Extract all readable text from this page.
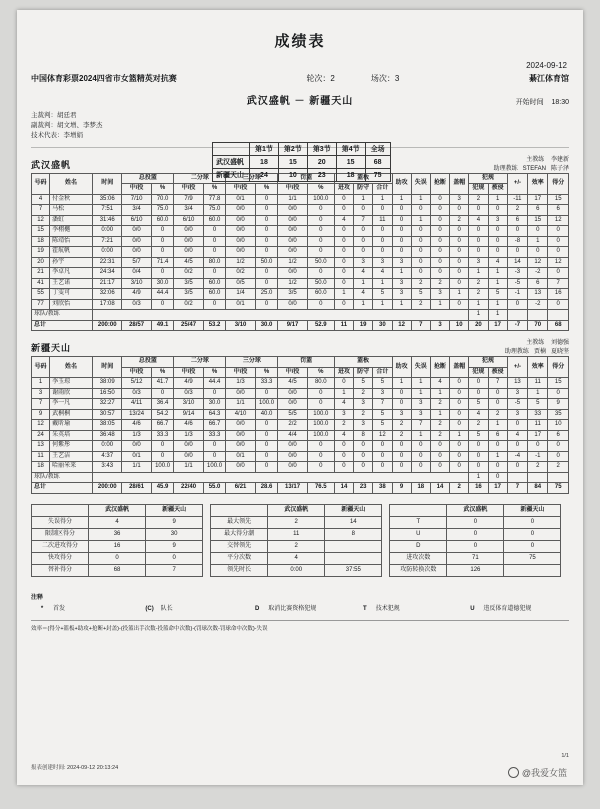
成绩表
2024-09-12
中国体育彩票2024四省市女篮精英对抗赛	轮次：2	场次：3	綦江体育馆
武汉盛帆 － 新疆天山	开始时间 18:30
主裁判：胡廷君
副裁判：胡文增、李梦杰
技术代表：李增娟
	第1节	第2节	第3节	第4节	全场
武汉盛帆	18	15	20	15	68
新疆天山	24	10	23	18	75
武汉盛帆	主教练 李建新
助理教练 STEFAN 陈子泽
号码	姓名	时间	总投篮		二分球		三分球		罚篮		篮板			助攻	失误	抢断	盖帽	犯规		+/-	效率	得分
			中/投	%	中/投	%	中/投	%	中/投	%	进攻	防守	合计					犯规	被侵			
4	付金秋	35:06	7/10	70.0	7/9	77.8	0/1	0	1/1	100.0	0	1	1	1	1	0	3	2	1	-11	17	15
7	马松	7:51	3/4	75.0	3/4	75.0	0/0	0	0/0	0	0	0	0	0	0	0	0	0	0	2	6	6
12	潘虹	31:46	6/10	60.0	6/10	60.0	0/0	0	0/0	0	4	7	11	0	1	0	2	4	3	6	15	12
15	李栩樾	0:00	0/0	0	0/0	0	0/0	0	0/0	0	0	0	0	0	0	0	0	0	0	0	0	0
18	陈靖怡	7:21	0/0	0	0/0	0	0/0	0	0/0	0	0	0	0	0	0	0	0	0	0	-8	1	0
19	霍航帆	0:00	0/0	0	0/0	0	0/0	0	0/0	0	0	0	0	0	0	0	0	0	0	0	0	0
20	孙宇	22:31	5/7	71.4	4/5	80.0	1/2	50.0	1/2	50.0	0	3	3	3	0	0	0	3	4	14	12	12
21	李卓凡	24:34	0/4	0	0/2	0	0/2	0	0/0	0	0	4	4	1	0	0	0	1	1	-3	-2	0
41	王艺诺	21:17	3/10	30.0	3/5	60.0	0/5	0	1/2	50.0	0	1	1	3	2	2	0	2	1	-5	6	7
55	丁雯可	32:06	4/9	44.4	3/5	60.0	1/4	25.0	3/5	60.0	1	4	5	3	5	3	1	2	5	-1	13	16
77	刘欣怡	17:08	0/3	0	0/2	0	0/1	0	0/0	0	0	1	1	1	2	1	0	1	1	0	-2	0
球队/教练																		1	1			
总计		200:00	28/57	49.1	25/47	53.2	3/10	30.0	9/17	52.9	11	19	30	12	7	3	10	20	17	-7	70	68
新疆天山	主教练 刘德强
助理教练 贾楠 夏晓坚
号码	姓名	时间	总投篮		二分球		三分球		罚篮		篮板			助攻	失误	抢断	盖帽	犯规		+/-	效率	得分
			中/投	%	中/投	%	中/投	%	中/投	%	进攻	防守	合计					犯规	被侵			
1	李玉琼	38:09	5/12	41.7	4/9	44.4	1/3	33.3	4/5	80.0	0	5	5	1	1	4	0	0	7	13	11	15
3	谢雨欣	16:50	0/3	0	0/3	0	0/0	0	0/0	0	1	2	3	0	1	1	0	0	0	3	1	0
7	李一凡	32:27	4/11	36.4	3/10	30.0	1/1	100.0	0/0	0	4	3	7	0	3	2	0	5	0	-5	5	9
9	武桐桐	30:57	13/24	54.2	9/14	64.3	4/10	40.0	5/5	100.0	3	2	5	3	3	1	0	4	2	3	33	35
12	戴昕瑜	38:05	4/6	66.7	4/6	66.7	0/0	0	2/2	100.0	2	3	5	2	7	2	0	2	1	0	11	10
24	朱英培	36:48	1/3	33.3	1/3	33.3	0/0	0	4/4	100.0	4	8	12	2	1	2	1	5	6	4	17	6
13	何紫彤	0:00	0/0	0	0/0	0	0/0	0	0/0	0	0	0	0	0	0	0	0	0	0	0	0	0
11	王艺洁	4:37	0/1	0	0/0	0	0/1	0	0/0	0	0	0	0	0	0	0	0	0	1	-4	-1	0
18	哈丽米来	3:43	1/1	100.0	1/1	100.0	0/0	0	0/0	0	0	0	0	0	0	0	0	0	0	0	2	2
球队/教练																		1	0			
总计		200:00	28/61	45.9	22/40	55.0	6/21	28.6	13/17	76.5	14	23	38	9	18	14	2	16	17	7	84	75
	武汉盛帆	新疆天山
失误得分	4	9
限制区得分	36	30
二次进攻得分	16	9
快攻得分	0	0
替补得分	68	7
	武汉盛帆	新疆天山
最大领先	2	14
最大得分潮	11	8
交替领先	2	
平分次数	4	
领先时长	0:00	37:55
	武汉盛帆	新疆天山
T	0	0
U	0	0
D	0	0
进攻次数	71	75
攻防转换次数	126	
注释
* 首发	(C) 队长	D 取消比赛资格犯规	T 技术犯规	U 违反体育道德犯规
效率＝(得分+篮板+助攻+抢断+封盖)-(投篮出手次数-投篮命中次数)-(罚球次数-罚球命中次数)-失误
报表创建时间: 2024-09-12 20:13:24
1/1
@我爱女篮
